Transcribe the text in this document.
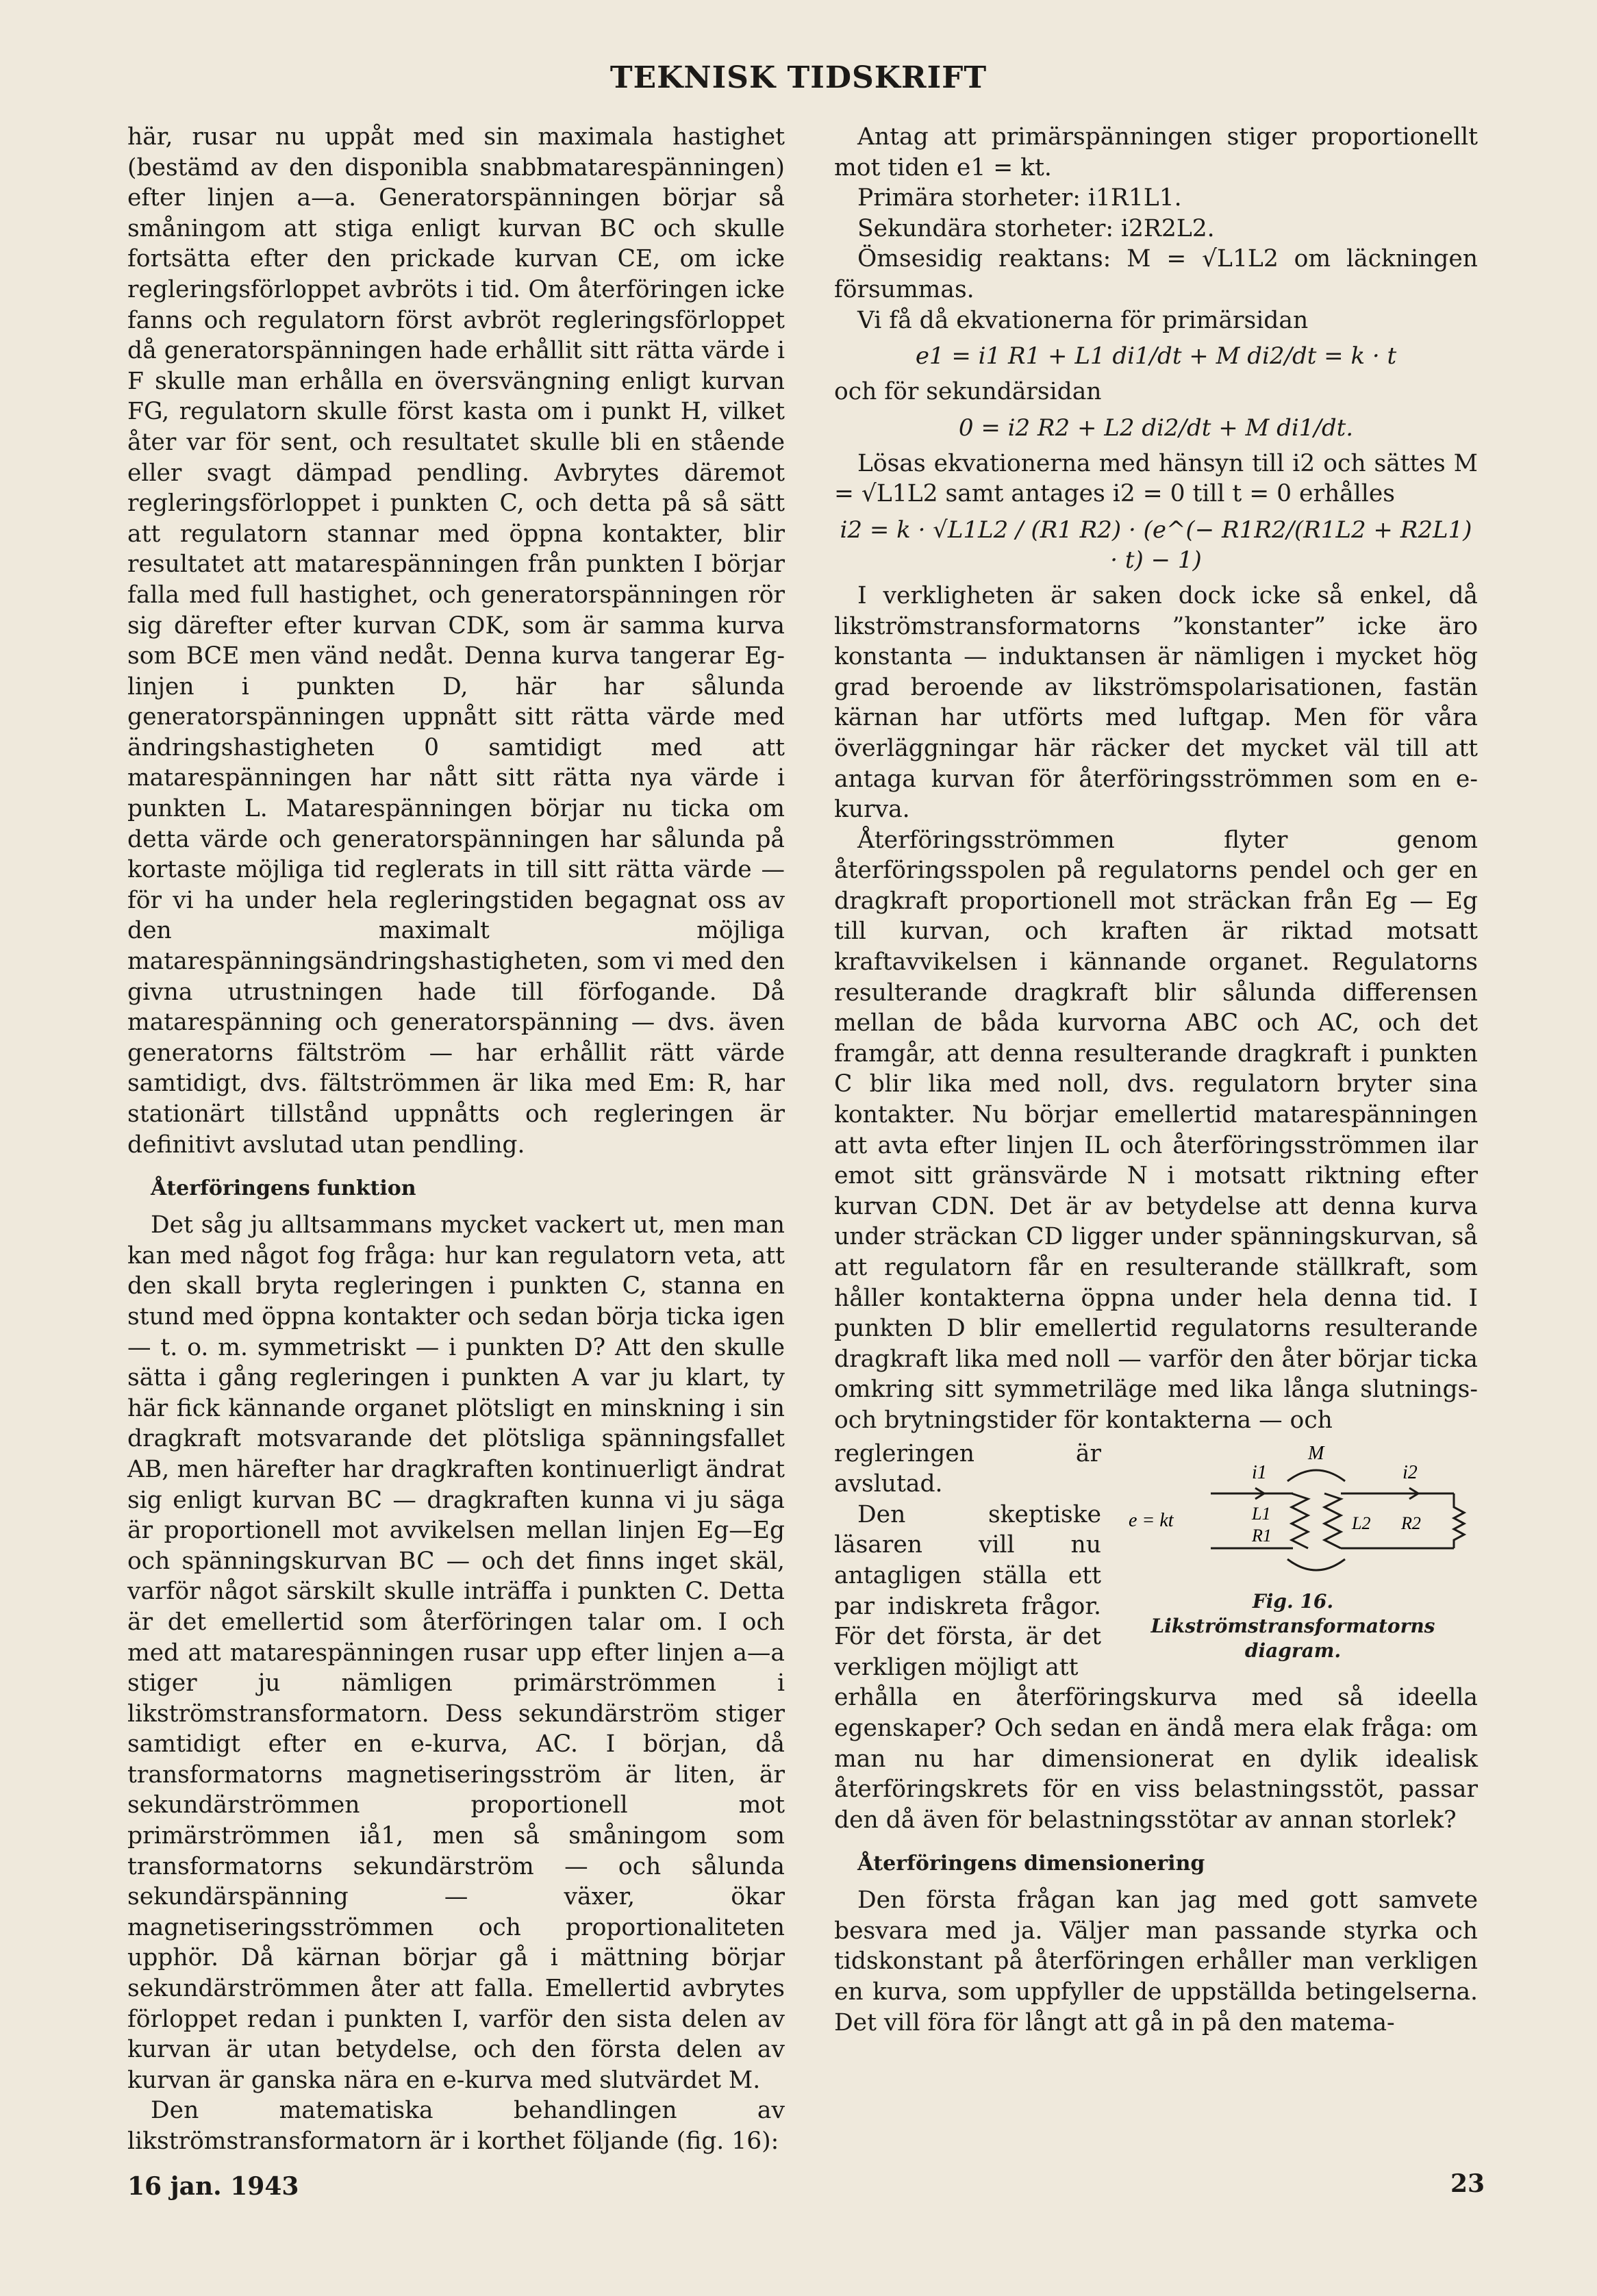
TEKNISK TIDSKRIFT

här, rusar nu uppåt med sin maximala hastighet (bestämd av den disponibla snabbmatarespänningen) efter linjen a—a. Generatorspänningen börjar så småningom att stiga enligt kurvan BC och skulle fortsätta efter den prickade kurvan CE, om icke regleringsförloppet avbröts i tid. Om återföringen icke fanns och regulatorn först avbröt regleringsförloppet då generatorspänningen hade erhållit sitt rätta värde i F skulle man erhålla en översvängning enligt kurvan FG, regulatorn skulle först kasta om i punkt H, vilket åter var för sent, och resultatet skulle bli en stående eller svagt dämpad pendling. Avbrytes däremot regleringsförloppet i punkten C, och detta på så sätt att regulatorn stannar med öppna kontakter, blir resultatet att matarespänningen från punkten I börjar falla med full hastighet, och generatorspänningen rör sig därefter efter kurvan CDK, som är samma kurva som BCE men vänd nedåt. Denna kurva tangerar Eg-linjen i punkten D, här har sålunda generatorspänningen uppnått sitt rätta värde med ändringshastigheten 0 samtidigt med att matarespänningen har nått sitt rätta nya värde i punkten L. Matarespänningen börjar nu ticka om detta värde och generatorspänningen har sålunda på kortaste möjliga tid reglerats in till sitt rätta värde — för vi ha under hela regleringstiden begagnat oss av den maximalt möjliga matarespänningsändringshastigheten, som vi med den givna utrustningen hade till förfogande. Då matarespänning och generatorspänning — dvs. även generatorns fältström — har erhållit rätt värde samtidigt, dvs. fältströmmen är lika med Em: R, har stationärt tillstånd uppnåtts och regleringen är definitivt avslutad utan pendling.

Återföringens funktion

Det såg ju alltsammans mycket vackert ut, men man kan med något fog fråga: hur kan regulatorn veta, att den skall bryta regleringen i punkten C, stanna en stund med öppna kontakter och sedan börja ticka igen — t. o. m. symmetriskt — i punkten D? Att den skulle sätta i gång regleringen i punkten A var ju klart, ty här fick kännande organet plötsligt en minskning i sin dragkraft motsvarande det plötsliga spänningsfallet AB, men härefter har dragkraften kontinuerligt ändrat sig enligt kurvan BC — dragkraften kunna vi ju säga är proportionell mot avvikelsen mellan linjen Eg—Eg och spänningskurvan BC — och det finns inget skäl, varför något särskilt skulle inträffa i punkten C. Detta är det emellertid som återföringen talar om. I och med att matarespänningen rusar upp efter linjen a—a stiger ju nämligen primärströmmen i likströmstransformatorn. Dess sekundärström stiger samtidigt efter en e-kurva, AC. I början, då transformatorns magnetiseringsström är liten, är sekundärströmmen proportionell mot primärströmmen iå1, men så småningom som transformatorns sekundärström — och sålunda sekundärspänning — växer, ökar magnetiseringsströmmen och proportionaliteten upphör. Då kärnan börjar gå i mättning börjar sekundärströmmen åter att falla. Emellertid avbrytes förloppet redan i punkten I, varför den sista delen av kurvan är utan betydelse, och den första delen av kurvan är ganska nära en e-kurva med slutvärdet M.

Den matematiska behandlingen av likströmstransformatorn är i korthet följande (fig. 16):

Antag att primärspänningen stiger proportionellt mot tiden e1 = kt.

Primära storheter: i1R1L1.

Sekundära storheter: i2R2L2.

Ömsesidig reaktans: M = √L1L2 om läckningen försummas.

Vi få då ekvationerna för primärsidan

e1 = i1 R1 + L1 di1/dt + M di2/dt = k · t

och för sekundärsidan

0 = i2 R2 + L2 di2/dt + M di1/dt.

Lösas ekvationerna med hänsyn till i2 och sättes M = √L1L2 samt antages i2 = 0 till t = 0 erhålles

i2 = k · √L1L2 / (R1 R2) · (e^(− R1R2/(R1L2 + R2L1) · t) − 1)

I verkligheten är saken dock icke så enkel, då likströmstransformatorns ”konstanter” icke äro konstanta — induktansen är nämligen i mycket hög grad beroende av likströmspolarisationen, fastän kärnan har utförts med luftgap. Men för våra överläggningar här räcker det mycket väl till att antaga kurvan för återföringsströmmen som en e-kurva.

Återföringsströmmen flyter genom återföringsspolen på regulatorns pendel och ger en dragkraft proportionell mot sträckan från Eg — Eg till kurvan, och kraften är riktad motsatt kraftavvikelsen i kännande organet. Regulatorns resulterande dragkraft blir sålunda differensen mellan de båda kurvorna ABC och AC, och det framgår, att denna resulterande dragkraft i punkten C blir lika med noll, dvs. regulatorn bryter sina kontakter. Nu börjar emellertid matarespänningen att avta efter linjen IL och återföringsströmmen ilar emot sitt gränsvärde N i motsatt riktning efter kurvan CDN. Det är av betydelse att denna kurva under sträckan CD ligger under spänningskurvan, så att regulatorn får en resulterande ställkraft, som håller kontakterna öppna under hela denna tid. I punkten D blir emellertid regulatorns resulterande dragkraft lika med noll — varför den åter börjar ticka omkring sitt symmetriläge med lika långa slutnings- och brytningstider för kontakterna — och

regleringen är avslutad.

Den skeptiske läsaren vill nu antagligen ställa ett par indiskreta frågor. För det första, är det verkligen möjligt att

i1
M
i2
e = kt	L1
R1
L2 R2
Fig. 16. Likströmstransformatorns diagram.

erhålla en återföringskurva med så ideella egenskaper? Och sedan en ändå mera elak fråga: om man nu har dimensionerat en dylik idealisk återföringskrets för en viss belastningsstöt, passar den då även för belastningsstötar av annan storlek?

Återföringens dimensionering

Den första frågan kan jag med gott samvete besvara med ja. Väljer man passande styrka och tidskonstant på återföringen erhåller man verkligen en kurva, som uppfyller de uppställda betingelserna. Det vill föra för långt att gå in på den matema-

16 jan. 1943	23
